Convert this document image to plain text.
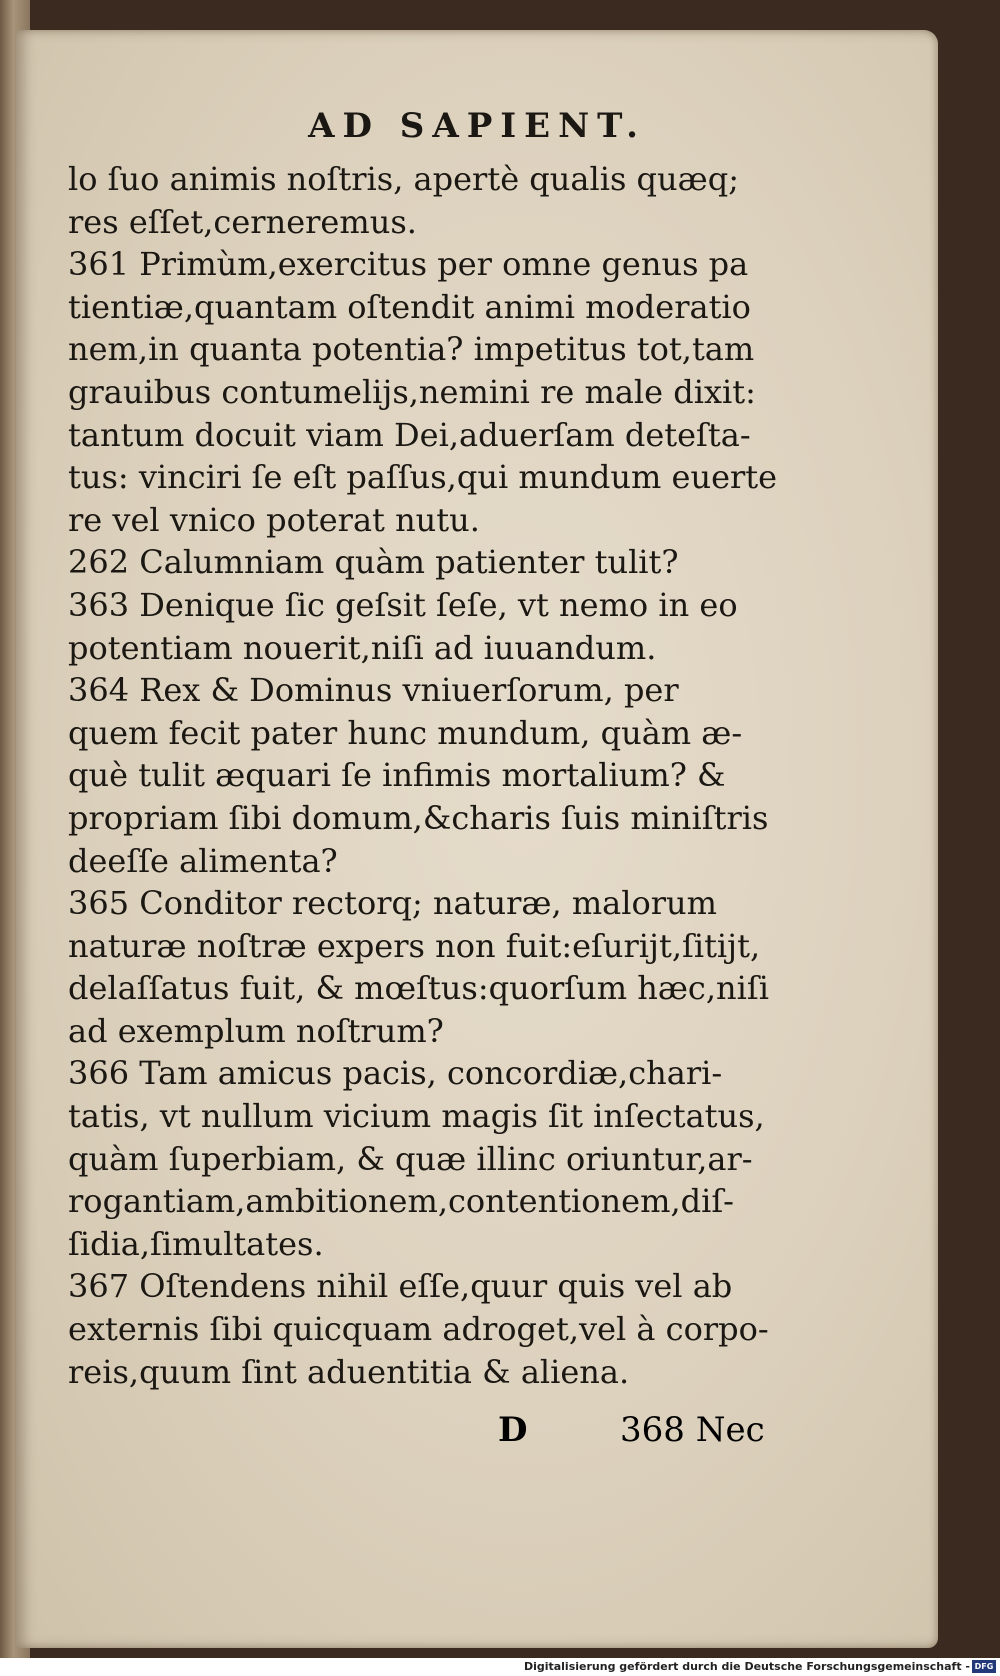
AD SAPIENT.
lo ſuo animis noſtris, apertè qualis quæq;
res eſſet,cerneremus.
361 Primùm,exercitus per omne genus pa
tientiæ,quantam oſtendit animi moderatio
nem,in quanta potentia? impetitus tot,tam
grauibus contumelijs,nemini re male dixit:
tantum docuit viam Dei,aduerſam deteſta-
tus: vinciri ſe eſt paſſus,qui mundum euerte
re vel vnico poterat nutu.
262 Calumniam quàm patienter tulit?
363 Denique ſic geſsit ſeſe, vt nemo in eo
potentiam nouerit,niſi ad iuuandum.
364 Rex & Dominus vniuerſorum, per
quem fecit pater hunc mundum, quàm æ-
què tulit æquari ſe infimis mortalium? &
propriam ſibi domum,&charis ſuis miniſtris
deeſſe alimenta?
365 Conditor rectorq; naturæ, malorum
naturæ noſtræ expers non fuit:eſurijt,ſitijt,
delaſſatus fuit, & mœſtus:quorſum hæc,niſi
ad exemplum noſtrum?
366 Tam amicus pacis, concordiæ,chari-
tatis, vt nullum vicium magis ſit inſectatus,
quàm ſuperbiam, & quæ illinc oriuntur,ar-
rogantiam,ambitionem,contentionem,diſ-
ſidia,ſimultates.
367 Oſtendens nihil eſſe,quur quis vel ab
externis ſibi quicquam adroget,vel à corpo-
reis,quum ſint aduentitia & aliena.
D	368 Nec
Digitalisierung gefördert durch die Deutsche Forschungsgemeinschaft - DFG
